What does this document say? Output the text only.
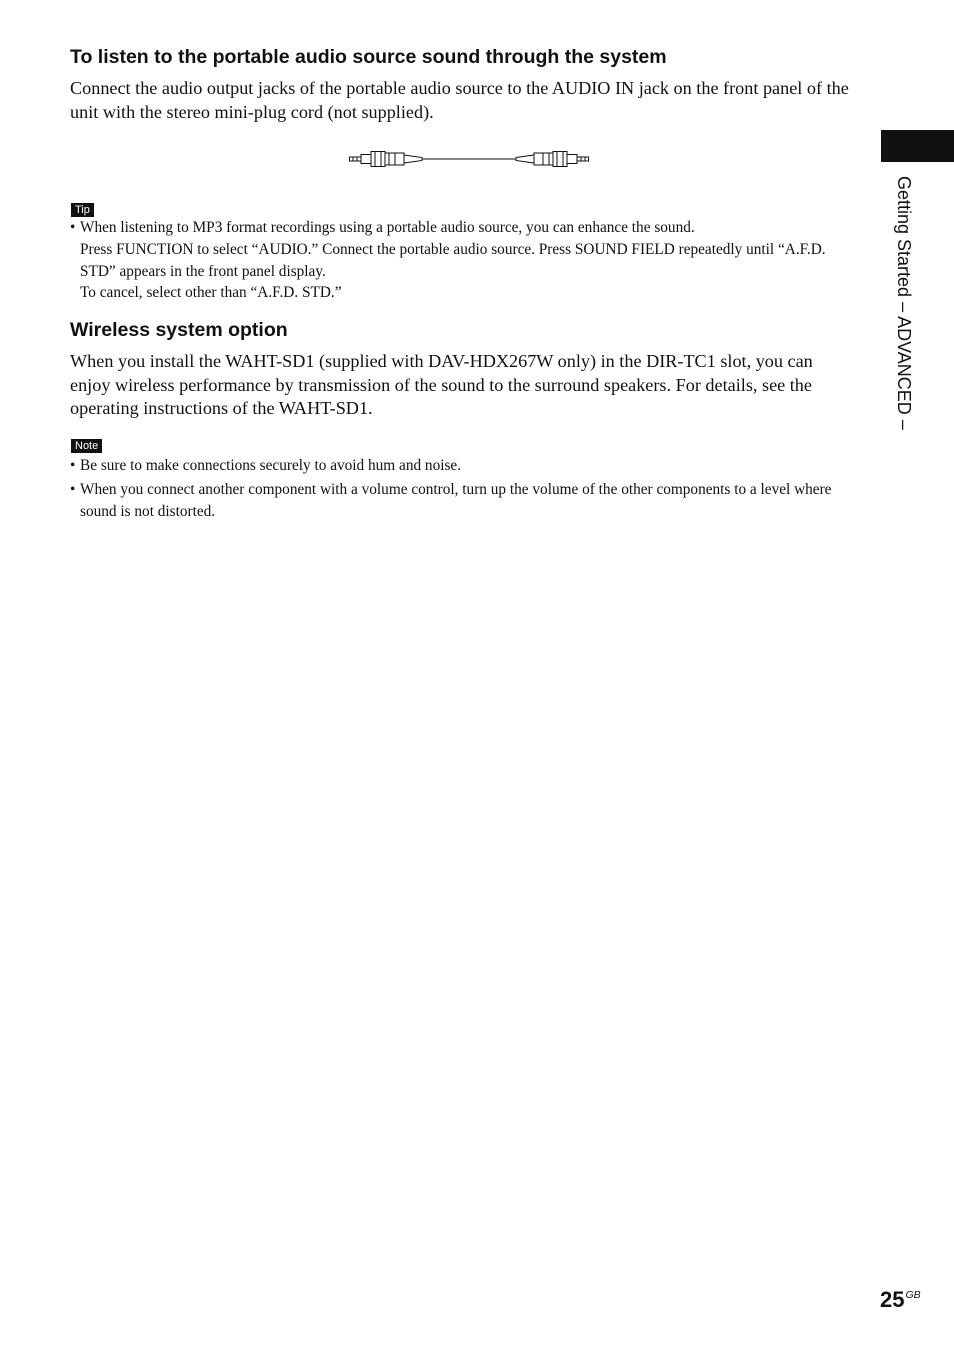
To listen to the portable audio source sound through the system

Connect the audio output jacks of the portable audio source to the AUDIO IN jack on the front panel of the unit with the stereo mini-plug cord (not supplied).

Tip
• When listening to MP3 format recordings using a portable audio source, you can enhance the sound.
Press FUNCTION to select “AUDIO.” Connect the portable audio source. Press SOUND FIELD repeatedly until “A.F.D. STD” appears in the front panel display.
To cancel, select other than “A.F.D. STD.”
Wireless system option

When you install the WAHT-SD1 (supplied with DAV-HDX267W only) in the DIR-TC1 slot, you can enjoy wireless performance by transmission of the sound to the surround speakers. For details, see the operating instructions of the WAHT-SD1.

Note
• Be sure to make connections securely to avoid hum and noise.
• When you connect another component with a volume control, turn up the volume of the other components to a level where sound is not distorted.
Getting Started – ADVANCED –
$25^{GB}$
